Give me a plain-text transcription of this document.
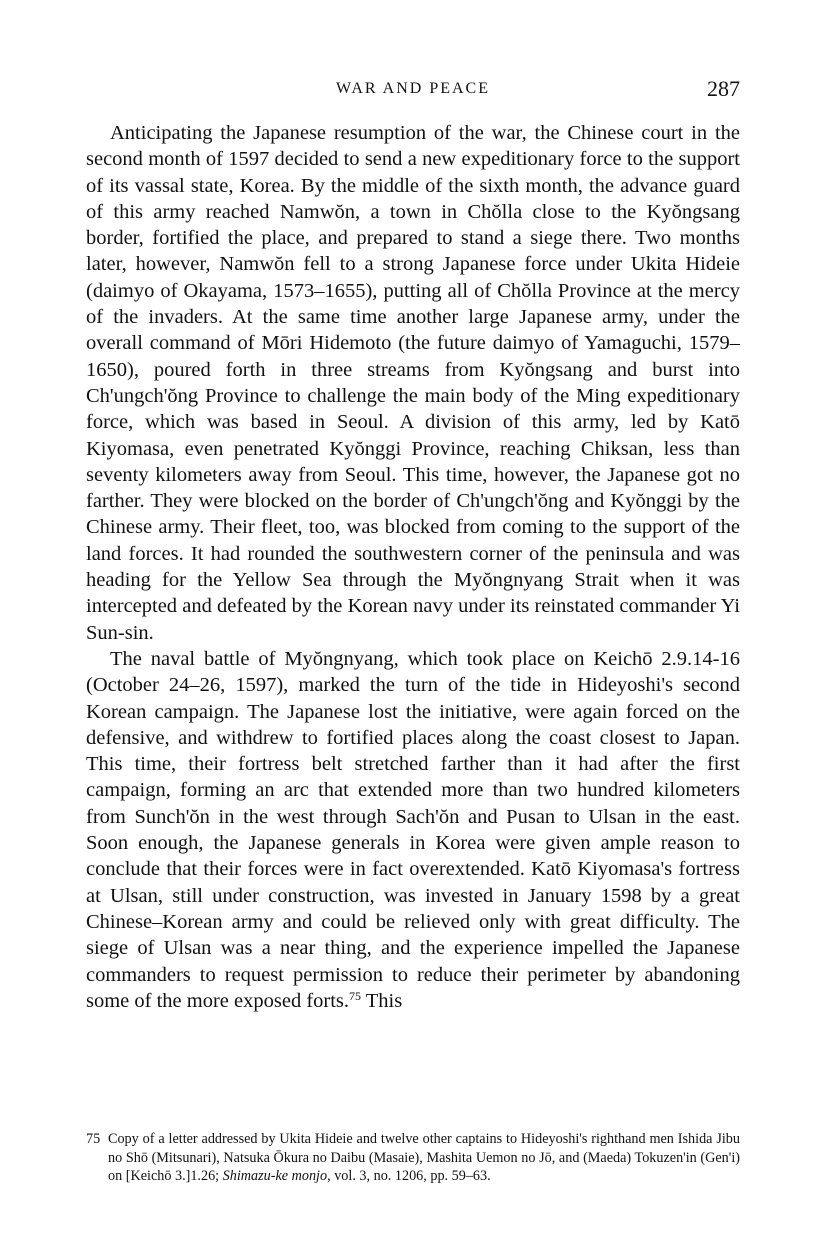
WAR AND PEACE	287

Anticipating the Japanese resumption of the war, the Chinese court in the second month of 1597 decided to send a new expeditionary force to the support of its vassal state, Korea. By the middle of the sixth month, the advance guard of this army reached Namwŏn, a town in Chŏlla close to the Kyŏngsang border, fortified the place, and prepared to stand a siege there. Two months later, however, Namwŏn fell to a strong Japanese force under Ukita Hideie (daimyo of Okayama, 1573–1655), putting all of Chŏlla Province at the mercy of the invaders. At the same time another large Japanese army, under the overall command of Mōri Hidemoto (the future daimyo of Yamaguchi, 1579–1650), poured forth in three streams from Kyŏngsang and burst into Ch'ungch'ŏng Province to challenge the main body of the Ming expeditionary force, which was based in Seoul. A division of this army, led by Katō Kiyomasa, even penetrated Kyŏnggi Province, reaching Chiksan, less than seventy kilometers away from Seoul. This time, however, the Japanese got no farther. They were blocked on the border of Ch'ungch'ŏng and Kyŏnggi by the Chinese army. Their fleet, too, was blocked from coming to the support of the land forces. It had rounded the southwestern corner of the peninsula and was heading for the Yellow Sea through the Myŏngnyang Strait when it was intercepted and defeated by the Korean navy under its reinstated commander Yi Sun-sin.

The naval battle of Myŏngnyang, which took place on Keichō 2.9.14-16 (October 24–26, 1597), marked the turn of the tide in Hideyoshi's second Korean campaign. The Japanese lost the initiative, were again forced on the defensive, and withdrew to fortified places along the coast closest to Japan. This time, their fortress belt stretched farther than it had after the first campaign, forming an arc that extended more than two hundred kilometers from Sunch'ŏn in the west through Sach'ŏn and Pusan to Ulsan in the east. Soon enough, the Japanese generals in Korea were given ample reason to conclude that their forces were in fact overextended. Katō Kiyomasa's fortress at Ulsan, still under construction, was invested in January 1598 by a great Chinese–Korean army and could be relieved only with great difficulty. The siege of Ulsan was a near thing, and the experience impelled the Japanese commanders to request permission to reduce their perimeter by abandoning some of the more exposed forts.$^{75}$ This

75 Copy of a letter addressed by Ukita Hideie and twelve other captains to Hideyoshi's righthand men Ishida Jibu no Shō (Mitsunari), Natsuka Ōkura no Daibu (Masaie), Mashita Uemon no Jō, and (Maeda) Tokuzen'in (Gen'i) on [Keichō 3.]1.26; Shimazu-ke monjo, vol. 3, no. 1206, pp. 59–63.
